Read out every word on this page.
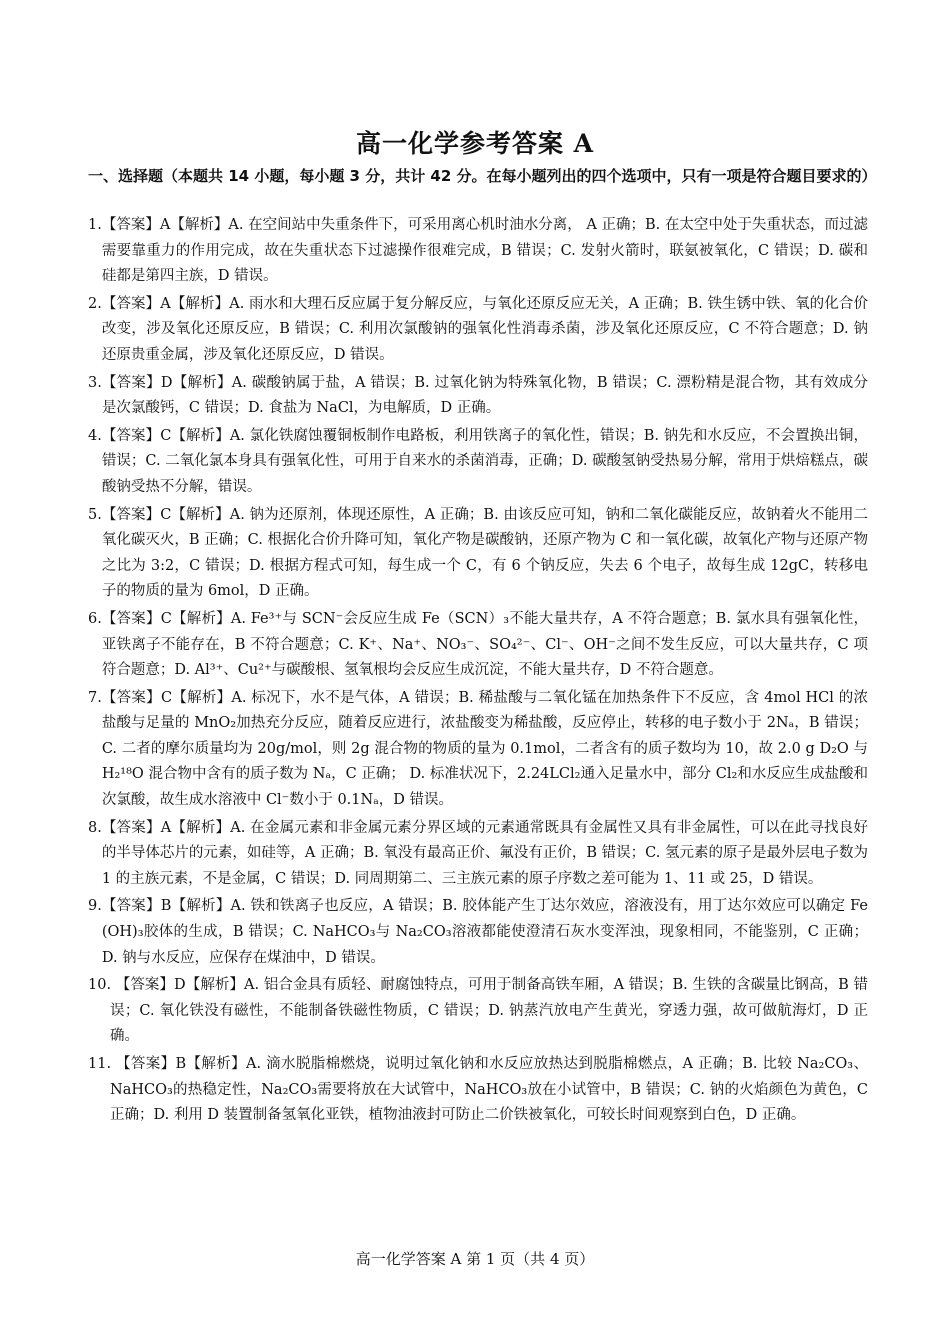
高一化学参考答案 A
一、选择题（本题共 14 小题，每小题 3 分，共计 42 分。在每小题列出的四个选项中，只有一项是符合题目要求的）
1. 【答案】A【解析】A. 在空间站中失重条件下，可采用离心机时油水分离， A 正确；B. 在太空中处于失重状态，而过滤需要靠重力的作用完成，故在失重状态下过滤操作很难完成，B 错误；C. 发射火箭时，联氨被氧化，C 错误；D. 碳和硅都是第四主族，D 错误。
2. 【答案】A【解析】A. 雨水和大理石反应属于复分解反应，与氧化还原反应无关，A 正确；B. 铁生锈中铁、氧的化合价改变，涉及氧化还原反应，B 错误；C. 利用次氯酸钠的强氧化性消毒杀菌，涉及氧化还原反应，C 不符合题意；D. 钠还原贵重金属，涉及氧化还原反应，D 错误。
3. 【答案】D【解析】A. 碳酸钠属于盐，A 错误；B. 过氧化钠为特殊氧化物，B 错误；C. 漂粉精是混合物，其有效成分是次氯酸钙，C 错误；D. 食盐为 NaCl，为电解质，D 正确。
4. 【答案】C【解析】A. 氯化铁腐蚀覆铜板制作电路板，利用铁离子的氧化性，错误；B. 钠先和水反应，不会置换出铜，错误；C. 二氧化氯本身具有强氧化性，可用于自来水的杀菌消毒，正确；D. 碳酸氢钠受热易分解，常用于烘焙糕点，碳酸钠受热不分解，错误。
5. 【答案】C【解析】A. 钠为还原剂，体现还原性，A 正确；B. 由该反应可知，钠和二氧化碳能反应，故钠着火不能用二氧化碳灭火，B 正确；C. 根据化合价升降可知，氧化产物是碳酸钠，还原产物为 C 和一氧化碳，故氧化产物与还原产物之比为 3:2，C 错误；D. 根据方程式可知，每生成一个 C，有 6 个钠反应，失去 6 个电子，故每生成 12gC，转移电子的物质的量为 6mol，D 正确。
6. 【答案】C【解析】A. Fe³⁺与 SCN⁻会反应生成 Fe（SCN）₃不能大量共存，A 不符合题意；B. 氯水具有强氧化性，亚铁离子不能存在，B 不符合题意；C. K⁺、Na⁺、NO₃⁻、SO₄²⁻、Cl⁻、OH⁻之间不发生反应，可以大量共存，C 项符合题意；D. Al³⁺、Cu²⁺与碳酸根、氢氧根均会反应生成沉淀，不能大量共存，D 不符合题意。
7. 【答案】C【解析】A. 标况下，水不是气体，A 错误；B. 稀盐酸与二氧化锰在加热条件下不反应，含 4mol HCl 的浓盐酸与足量的 MnO₂加热充分反应，随着反应进行，浓盐酸变为稀盐酸，反应停止，转移的电子数小于 2Nₐ，B 错误；C. 二者的摩尔质量均为 20g/mol，则 2g 混合物的物质的量为 0.1mol，二者含有的质子数均为 10，故 2.0 g D₂O 与 H₂¹⁸O 混合物中含有的质子数为 Nₐ，C 正确； D. 标准状况下，2.24LCl₂通入足量水中，部分 Cl₂和水反应生成盐酸和次氯酸，故生成水溶液中 Cl⁻数小于 0.1Nₐ，D 错误。
8. 【答案】A【解析】A. 在金属元素和非金属元素分界区域的元素通常既具有金属性又具有非金属性，可以在此寻找良好的半导体芯片的元素，如硅等，A 正确；B. 氧没有最高正价、氟没有正价，B 错误；C. 氢元素的原子是最外层电子数为 1 的主族元素，不是金属，C 错误；D. 同周期第二、三主族元素的原子序数之差可能为 1、11 或 25，D 错误。
9. 【答案】B【解析】A. 铁和铁离子也反应，A 错误；B. 胶体能产生丁达尔效应，溶液没有，用丁达尔效应可以确定 Fe (OH)₃胶体的生成，B 错误；C. NaHCO₃与 Na₂CO₃溶液都能使澄清石灰水变浑浊，现象相同，不能鉴别，C 正确；D. 钠与水反应，应保存在煤油中，D 错误。
10. 【答案】D【解析】A. 铝合金具有质轻、耐腐蚀特点，可用于制备高铁车厢，A 错误；B. 生铁的含碳量比钢高，B 错误；C. 氧化铁没有磁性，不能制备铁磁性物质，C 错误；D. 钠蒸汽放电产生黄光，穿透力强，故可做航海灯，D 正确。
11. 【答案】B【解析】A. 滴水脱脂棉燃烧，说明过氧化钠和水反应放热达到脱脂棉燃点，A 正确；B. 比较 Na₂CO₃、NaHCO₃的热稳定性，Na₂CO₃需要将放在大试管中，NaHCO₃放在小试管中，B 错误；C. 钠的火焰颜色为黄色，C 正确；D. 利用 D 装置制备氢氧化亚铁，植物油液封可防止二价铁被氧化，可较长时间观察到白色，D 正确。
高一化学答案 A 第 1 页（共 4 页）
